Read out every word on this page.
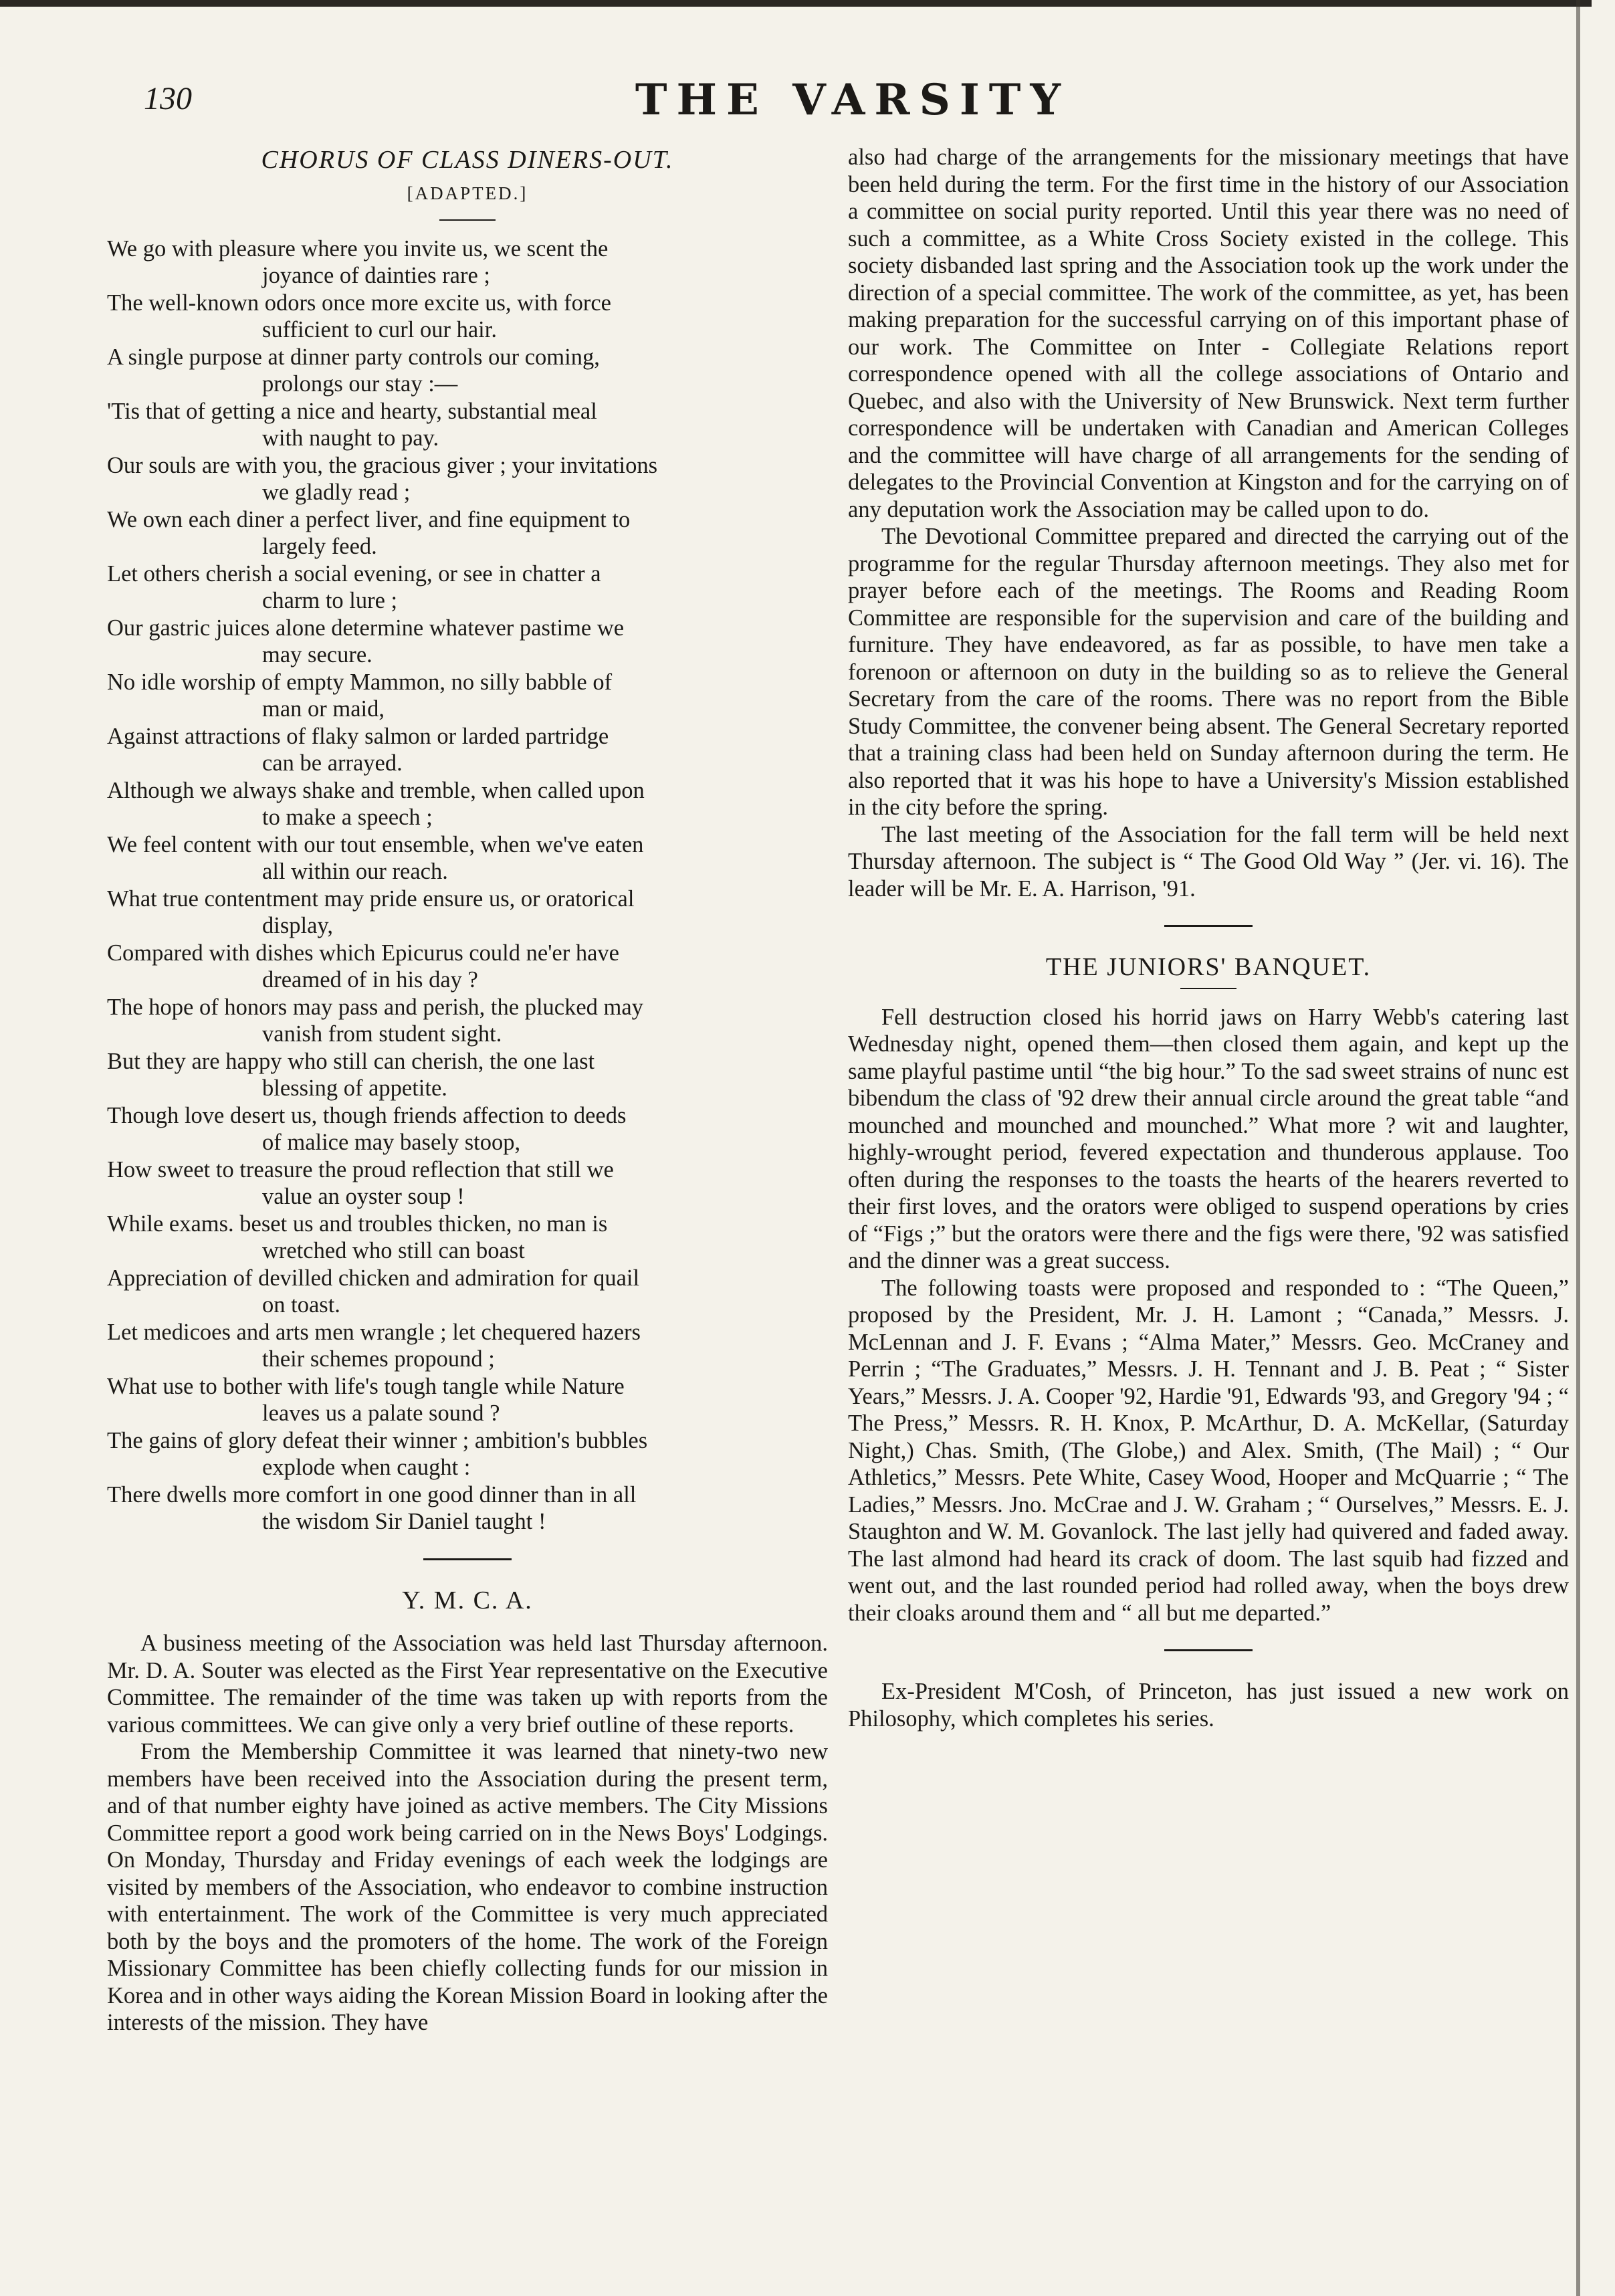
130	THE VARSITY
CHORUS OF CLASS DINERS-OUT.
[ADAPTED.]

We go with pleasure where you invite us, we scent the
joyance of dainties rare ;

The well-known odors once more excite us, with force
sufficient to curl our hair.

A single purpose at dinner party controls our coming,
prolongs our stay :—

'Tis that of getting a nice and hearty, substantial meal
with naught to pay.

Our souls are with you, the gracious giver ; your invitations
we gladly read ;

We own each diner a perfect liver, and fine equipment to
largely feed.

Let others cherish a social evening, or see in chatter a
charm to lure ;

Our gastric juices alone determine whatever pastime we
may secure.

No idle worship of empty Mammon, no silly babble of
man or maid,

Against attractions of flaky salmon or larded partridge
can be arrayed.

Although we always shake and tremble, when called upon
to make a speech ;

We feel content with our tout ensemble, when we've eaten
all within our reach.

What true contentment may pride ensure us, or oratorical
display,

Compared with dishes which Epicurus could ne'er have
dreamed of in his day ?

The hope of honors may pass and perish, the plucked may
vanish from student sight.

But they are happy who still can cherish, the one last
blessing of appetite.

Though love desert us, though friends affection to deeds
of malice may basely stoop,

How sweet to treasure the proud reflection that still we
value an oyster soup !

While exams. beset us and troubles thicken, no man is
wretched who still can boast

Appreciation of devilled chicken and admiration for quail
on toast.

Let medicoes and arts men wrangle ; let chequered hazers
their schemes propound ;

What use to bother with life's tough tangle while Nature
leaves us a palate sound ?

The gains of glory defeat their winner ; ambition's bubbles
explode when caught :

There dwells more comfort in one good dinner than in all
the wisdom Sir Daniel taught !

Y. M. C. A.

A business meeting of the Association was held last Thursday afternoon. Mr. D. A. Souter was elected as the First Year representative on the Executive Committee. The remainder of the time was taken up with reports from the various committees. We can give only a very brief outline of these reports.

From the Membership Committee it was learned that ninety-two new members have been received into the Association during the present term, and of that number eighty have joined as active members. The City Missions Committee report a good work being carried on in the News Boys' Lodgings. On Monday, Thursday and Friday evenings of each week the lodgings are visited by members of the Association, who endeavor to combine instruction with entertainment. The work of the Committee is very much appreciated both by the boys and the promoters of the home. The work of the Foreign Missionary Committee has been chiefly collecting funds for our mission in Korea and in other ways aiding the Korean Mission Board in looking after the interests of the mission. They have

also had charge of the arrangements for the missionary meetings that have been held during the term. For the first time in the history of our Association a committee on social purity reported. Until this year there was no need of such a committee, as a White Cross Society existed in the college. This society disbanded last spring and the Association took up the work under the direction of a special committee. The work of the committee, as yet, has been making preparation for the successful carrying on of this important phase of our work. The Committee on Inter - Collegiate Relations report correspondence opened with all the college associations of Ontario and Quebec, and also with the University of New Brunswick. Next term further correspondence will be undertaken with Canadian and American Colleges and the committee will have charge of all arrangements for the sending of delegates to the Provincial Convention at Kingston and for the carrying on of any deputation work the Association may be called upon to do.

The Devotional Committee prepared and directed the carrying out of the programme for the regular Thursday afternoon meetings. They also met for prayer before each of the meetings. The Rooms and Reading Room Committee are responsible for the supervision and care of the building and furniture. They have endeavored, as far as possible, to have men take a forenoon or afternoon on duty in the building so as to relieve the General Secretary from the care of the rooms. There was no report from the Bible Study Committee, the convener being absent. The General Secretary reported that a training class had been held on Sunday afternoon during the term. He also reported that it was his hope to have a University's Mission established in the city before the spring.

The last meeting of the Association for the fall term will be held next Thursday afternoon. The subject is “ The Good Old Way ” (Jer. vi. 16). The leader will be Mr. E. A. Harrison, '91.

THE JUNIORS' BANQUET.

Fell destruction closed his horrid jaws on Harry Webb's catering last Wednesday night, opened them—then closed them again, and kept up the same playful pastime until “the big hour.” To the sad sweet strains of nunc est bibendum the class of '92 drew their annual circle around the great table “and mounched and mounched and mounched.” What more ? wit and laughter, highly-wrought period, fevered expectation and thunderous applause. Too often during the responses to the toasts the hearts of the hearers reverted to their first loves, and the orators were obliged to suspend operations by cries of “Figs ;” but the orators were there and the figs were there, '92 was satisfied and the dinner was a great success.

The following toasts were proposed and responded to : “The Queen,” proposed by the President, Mr. J. H. Lamont ; “Canada,” Messrs. J. McLennan and J. F. Evans ; “Alma Mater,” Messrs. Geo. McCraney and Perrin ; “The Graduates,” Messrs. J. H. Tennant and J. B. Peat ; “ Sister Years,” Messrs. J. A. Cooper '92, Hardie '91, Edwards '93, and Gregory '94 ; “ The Press,” Messrs. R. H. Knox, P. McArthur, D. A. McKellar, (Saturday Night,) Chas. Smith, (The Globe,) and Alex. Smith, (The Mail) ; “ Our Athletics,” Messrs. Pete White, Casey Wood, Hooper and McQuarrie ; “ The Ladies,” Messrs. Jno. McCrae and J. W. Graham ; “ Ourselves,” Messrs. E. J. Staughton and W. M. Govanlock. The last jelly had quivered and faded away. The last almond had heard its crack of doom. The last squib had fizzed and went out, and the last rounded period had rolled away, when the boys drew their cloaks around them and “ all but me departed.”

Ex-President M'Cosh, of Princeton, has just issued a new work on Philosophy, which completes his series.
